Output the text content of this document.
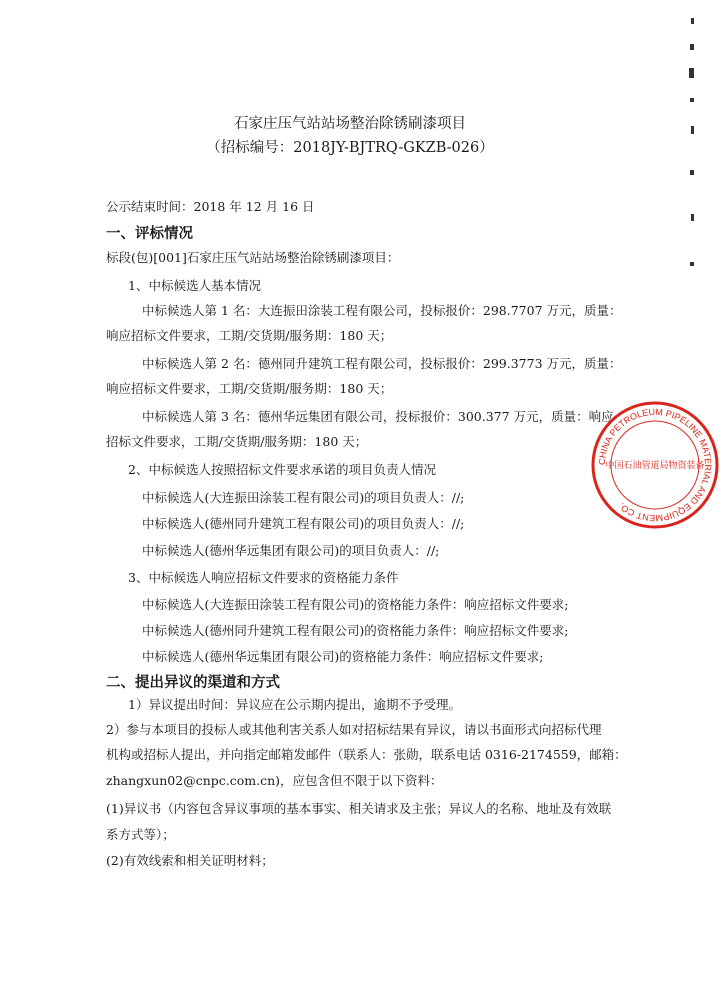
石家庄压气站站场整治除锈刷漆项目
（招标编号：2018JY-BJTRQ-GKZB-026）
公示结束时间：2018 年 12 月 16 日
一、评标情况
标段(包)[001]石家庄压气站站场整治除锈刷漆项目：
1、中标候选人基本情况
中标候选人第 1 名：大连振田涂装工程有限公司，投标报价：298.7707 万元，质量：
响应招标文件要求，工期/交货期/服务期：180 天；
中标候选人第 2 名：德州同升建筑工程有限公司，投标报价：299.3773 万元，质量：
响应招标文件要求，工期/交货期/服务期：180 天；
中标候选人第 3 名：德州华远集团有限公司，投标报价：300.377 万元，质量：响应
招标文件要求，工期/交货期/服务期：180 天；
2、中标候选人按照招标文件要求承诺的项目负责人情况
中标候选人(大连振田涂装工程有限公司)的项目负责人：//;
中标候选人(德州同升建筑工程有限公司)的项目负责人：//;
中标候选人(德州华远集团有限公司)的项目负责人：//;
3、中标候选人响应招标文件要求的资格能力条件
中标候选人(大连振田涂装工程有限公司)的资格能力条件：响应招标文件要求;
中标候选人(德州同升建筑工程有限公司)的资格能力条件：响应招标文件要求;
中标候选人(德州华远集团有限公司)的资格能力条件：响应招标文件要求;
二、提出异议的渠道和方式
1）异议提出时间：异议应在公示期内提出，逾期不予受理。
2）参与本项目的投标人或其他利害关系人如对招标结果有异议，请以书面形式向招标代理
机构或招标人提出，并向指定邮箱发邮件（联系人：张勋，联系电话 0316-2174559，邮箱：
zhangxun02@cnpc.com.cn)，应包含但不限于以下资料：
(1)异议书（内容包含异议事项的基本事实、相关请求及主张；异议人的名称、地址及有效联
系方式等）；
(2)有效线索和相关证明材料；
CHINA PETROLEUM PIPELINE MATERIAL AND EQUIPMENT CO.
中国石油管道局物资装备
